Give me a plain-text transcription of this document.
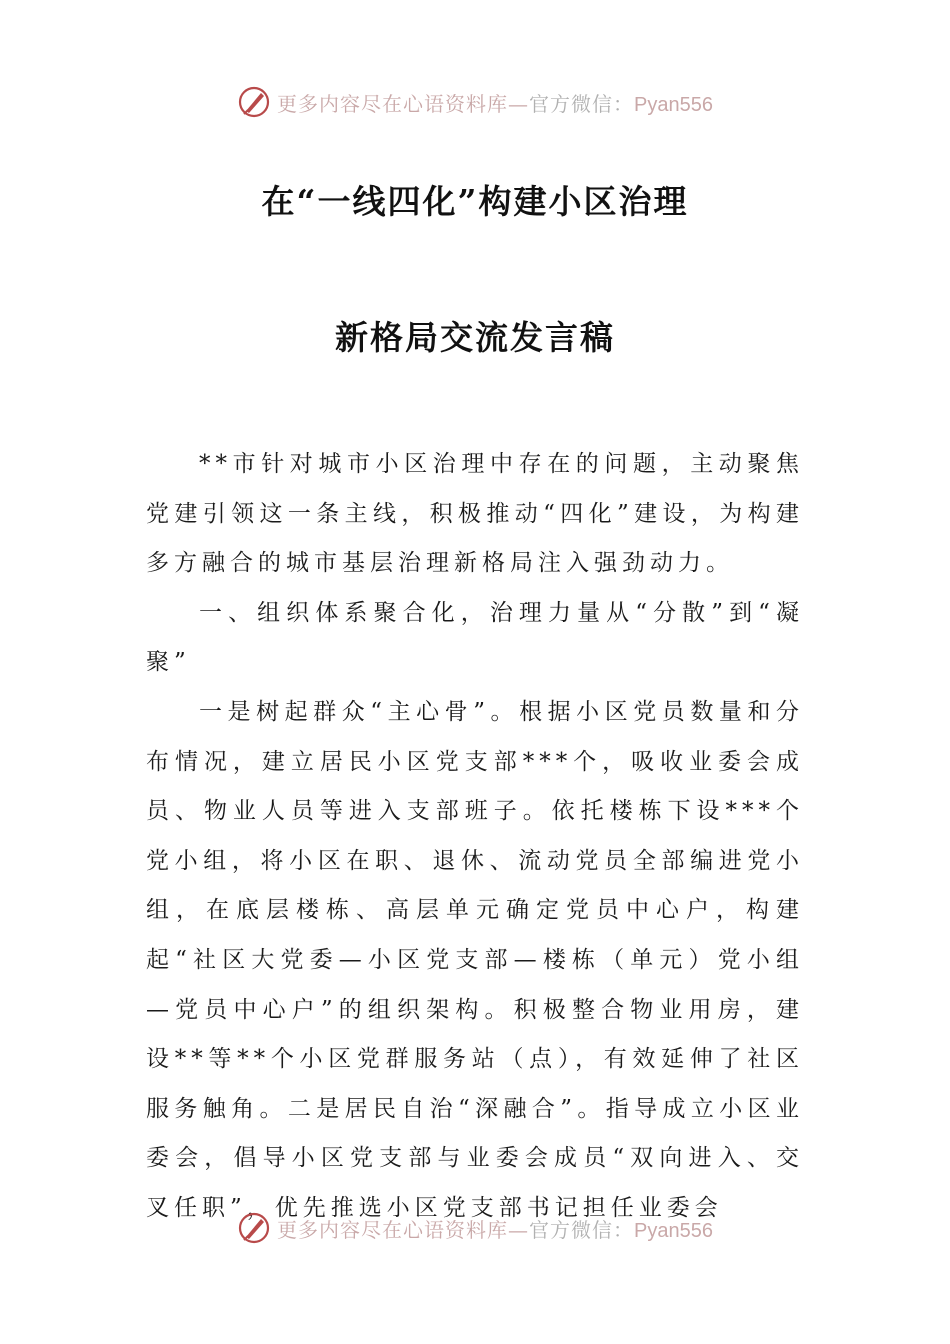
更多内容尽在心语资料库—官方微信：Pyan556
在“一线四化”构建小区治理
新格局交流发言稿

**市针对城市小区治理中存在的问题，主动聚焦党建引领这一条主线，积极推动“四化”建设，为构建多方融合的城市基层治理新格局注入强劲动力。

一、组织体系聚合化，治理力量从“分散”到“凝聚”

一是树起群众“主心骨”。根据小区党员数量和分布情况，建立居民小区党支部***个，吸收业委会成员、物业人员等进入支部班子。依托楼栋下设***个党小组，将小区在职、退休、流动党员全部编进党小组，在底层楼栋、高层单元确定党员中心户，构建起“社区大党委—小区党支部—楼栋（单元）党小组—党员中心户”的组织架构。积极整合物业用房，建设**等**个小区党群服务站（点），有效延伸了社区服务触角。二是居民自治“深融合”。指导成立小区业委会，倡导小区党支部与业委会成员“双向进入、交叉任职”，优先推选小区党支部书记担任业委会

更多内容尽在心语资料库—官方微信：Pyan556
